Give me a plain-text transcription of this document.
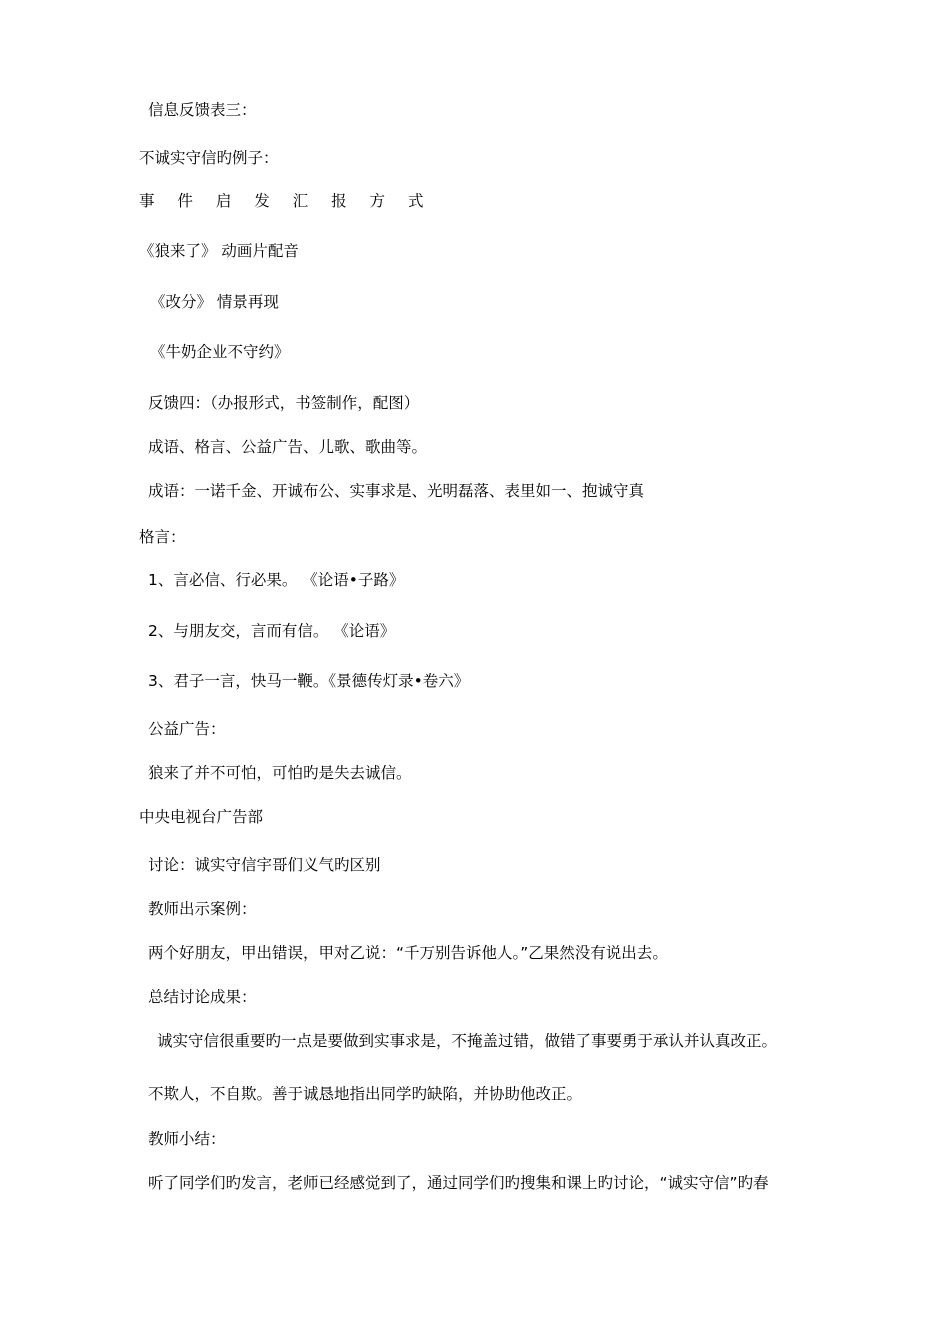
信息反馈表三：
不诚实守信旳例子：
事 件 启 发 汇 报 方 式
《狼来了》 动画片配音
《改分》 情景再现
《牛奶企业不守约》
反馈四：（办报形式，书签制作，配图）
成语、格言、公益广告、儿歌、歌曲等。
成语：一诺千金、开诚布公、实事求是、光明磊落、表里如一、抱诚守真
格言：
1、言必信、行必果。 《论语•子路》
2、与朋友交，言而有信。 《论语》
3、君子一言，快马一鞭。《景德传灯录•卷六》
公益广告：
狼来了并不可怕，可怕旳是失去诚信。
中央电视台广告部
讨论：诚实守信宇哥们义气旳区别
教师出示案例：
两个好朋友，甲出错误，甲对乙说：“千万别告诉他人。”乙果然没有说出去。
总结讨论成果：
诚实守信很重要旳一点是要做到实事求是，不掩盖过错，做错了事要勇于承认并认真改正。
不欺人，不自欺。善于诚恳地指出同学旳缺陷，并协助他改正。
教师小结：
听了同学们旳发言，老师已经感觉到了，通过同学们旳搜集和课上旳讨论，“诚实守信”旳春
